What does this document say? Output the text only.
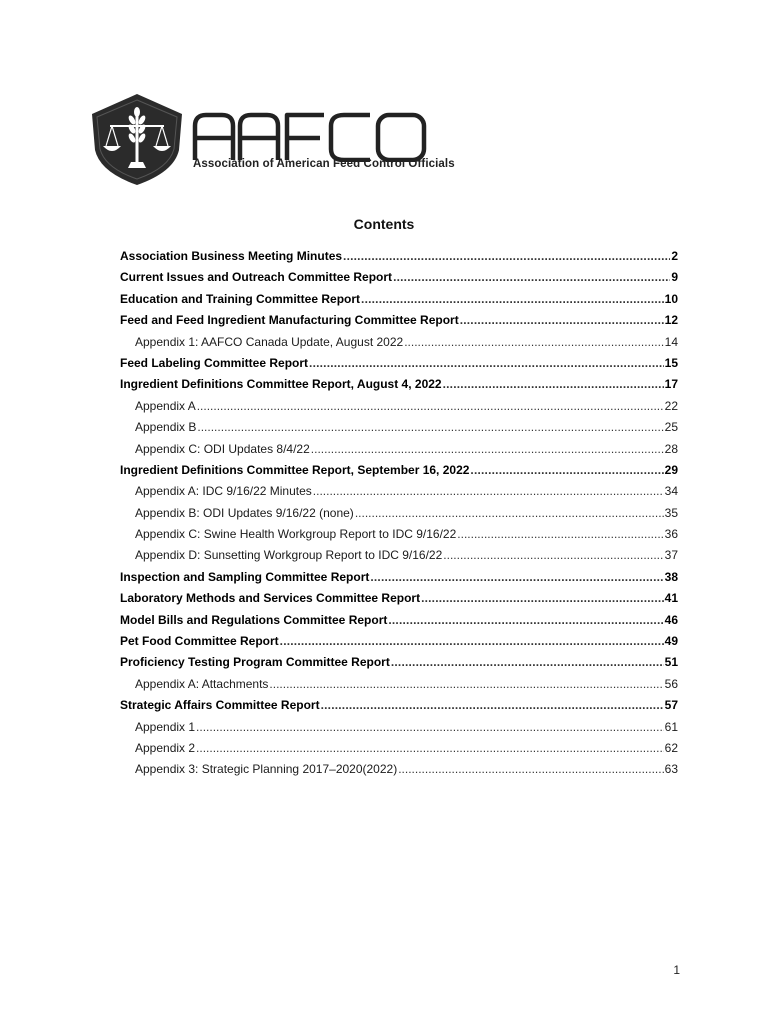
Association of American Feed Control Officials
Contents
Association Business Meeting Minutes .....	2
Current Issues and Outreach Committee Report .....	9
Education and Training Committee Report .....	10
Feed and Feed Ingredient Manufacturing Committee Report .....	12
Appendix 1: AAFCO Canada Update, August 2022 .....	14
Feed Labeling Committee Report .....	15
Ingredient Definitions Committee Report, August 4, 2022 .....	17
Appendix A .....	22
Appendix B .....	25
Appendix C: ODI Updates 8/4/22 .....	28
Ingredient Definitions Committee Report, September 16, 2022 .....	29
Appendix A: IDC 9/16/22 Minutes .....	34
Appendix B: ODI Updates 9/16/22 (none) .....	35
Appendix C: Swine Health Workgroup Report to IDC 9/16/22 .....	36
Appendix D: Sunsetting Workgroup Report to IDC 9/16/22 .....	37
Inspection and Sampling Committee Report .....	38
Laboratory Methods and Services Committee Report .....	41
Model Bills and Regulations Committee Report .....	46
Pet Food Committee Report .....	49
Proficiency Testing Program Committee Report .....	51
Appendix A: Attachments .....	56
Strategic Affairs Committee Report .....	57
Appendix 1 .....	61
Appendix 2 .....	62
Appendix 3: Strategic Planning 2017–2020(2022) .....	63
1
